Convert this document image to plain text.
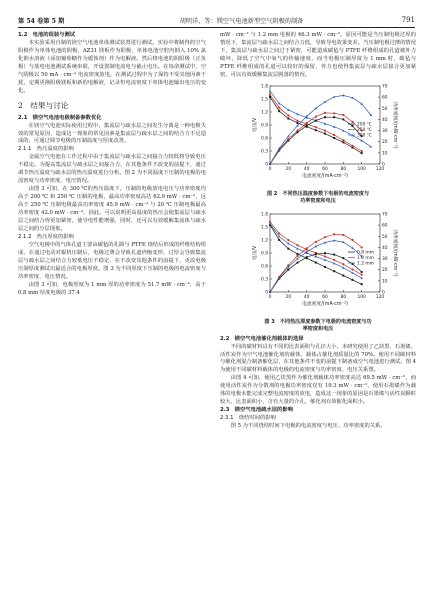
第 54 卷第 5 期	胡明详，等：镁空气电池新型空气阴极的制备	791

1.2　电池的组装与测试

本实验采用自制的镁空气电池单体测试装置进行测试。实验中将制得的空气阴极作为单体电池的阴极，AZ31 镁板作为阳极，单体电池空腔内倒入 10% 氯化钠水溶液（添加葡萄糖作为缓蚀剂）作为电解液。然后将电池的阴阳极（正负极）与蓝电电池测试系统串联，开设置制电流电与截止电压。在每命测试中，空气阴极以 50 mA · cm⁻² 电流密度放电，在测试过程中为了保持不受其他因素干扰，定期更换阳极镁板和新的电解液，记录恒电流密度下单体电池输出电压的变化。

2　结果与讨论

2.1　镁空气电池电极制备参数优化

在镁空气电池实际使用过程中，集流层与疏水层之间发生分离是一种电极失效的常见原因，造成这一现象的常见因素是集流层与疏水层之间的结合力不足造成的，可通过调节电极的压制温度与厚度改善。

2.1.1　热压温度的影响

金属空气电池在工作过程中由于集流层与疏水层之间接合力较低将导致电压不稳定。为提高集流层与疏水层之间接合力，在其他条件不改变的前提下，通过调节热压温度与疏水层的热压温度进行分析。图 2 为不同温度下压制的电极的电流密度与功率密度、电压情况。

由图 3 可知，在 300 ℃的热压温度下，压制的电极放电电压与功率密度均高于 200 ℃ 和 250 ℃ 压制的电极，最高功率密度高达 62.9 mW · cm⁻²，远高于 250 ℃ 压制电极最高功率密度 45.9 mW · cm⁻² 与 20 ℃ 压制电极最高功率密度 42.0 mW · cm⁻²，因此，可以说明更高温度的热压会使集流层与疏水层之间结合得更加紧密，使导电性能增强，同时，还可以有效缓解集流体与疏水层之间的分层现象。

2.1.2　热压厚度的影响

空气电极中的气体孔道主要由碳毡的孔隙与 PTFE 烧结后形成的纤维结构组成，在通过电动对辊机压制后，电极过薄会导致孔道坍缩变形，过厚会导致集流层与疏水层之间结合力较低电压不稳定，在不改变其他条件的前提下，更改电极压制厚度测试出最适合的电极厚度。图 3 为不同厚度下压制的电极的电流密度与功率密度、电压情况。

由图 3 可知，电极厚度为 1 mm 厚的功率密度为 51.7 mW · cm⁻²，高于 0.8 mm 厚度电极的 37.4

mW · cm⁻² 与 1.2 mm 电极的 46.3 mW · cm⁻²。原因可能是当压制电极过厚的情况下，集流层与疏水层之间结合力低，导致导电效果变差。当压制电极过薄的情况下，集流层与疏水层之间过于紧密，可能造成碳毡与 PTFE 纤维组成的孔道被外力破坏，降低了空气中氧气的传输速度，而当电极压制厚度为 1 mm 时，碳毡与 PTFE 纤维组成的孔道可以较好的保留，外力也使得集流层与疏水层接合更加紧密，可以有效缓解集流层脱落的情况。

0	20	40	60	80	100 120
0
0.3
0.6
0.9
1.2
1.5
1.8
0
10
20
30
40
50
60
70
电流密度/(mA·cm⁻²)
电压/V	功率密度/(mW·cm⁻²)
200 ℃
250 ℃
300 ℃
图 2　不同热压温度参数下电极的电流密度与
功率密度和电压
0	20	40	60	80	100 120
0
0.3
0.6
0.9
1.2
1.5
1.8
0
10
20
30
40
50
60
70
电流密度/(mA·cm⁻²)
电压/V	功率密度/(mW·cm⁻²)
0.8 mm
1.0 mm
1.2 mm
图 3　不同热压厚度参数下电极的电流密度与功
率密度和电压

2.2　镁空气电池催化剂载体的选择

不同的碳材料具有不同的比表面积与孔径大小，本研究使用了乙炔黑、石墨烯、活性炭作为空气电池催化剂的载体，载体占催化剂质量比的 70%。使用不同碳材料与催化剂混合制备催化层，在其他条件不变的前提下制备成空气电池进行测试。图 4 为使用不同碳材料载体的电极的电流密度与功率密度、电压关系图。

由图 4 可知，使用乙炔黑作为催化剂载体功率密度高达 69.5 mW · cm⁻²，而使用活性炭作为分散剂的电极功率密度仅有 19.3 mW · cm⁻²，使用石墨烯作为载体的电极未能完成完整电流密度的放电，造成这一现象的原因是石墨烯与活性炭颗粒较大，比表面积小，含有大量的介孔，催化剂有效催化面积小。

2.3　镁空气电池疏水层的影响

2.3.1　烧结时间的影响

图 5 为不同烧结时间下电极的电流密度与电压、功率密度的关系。
